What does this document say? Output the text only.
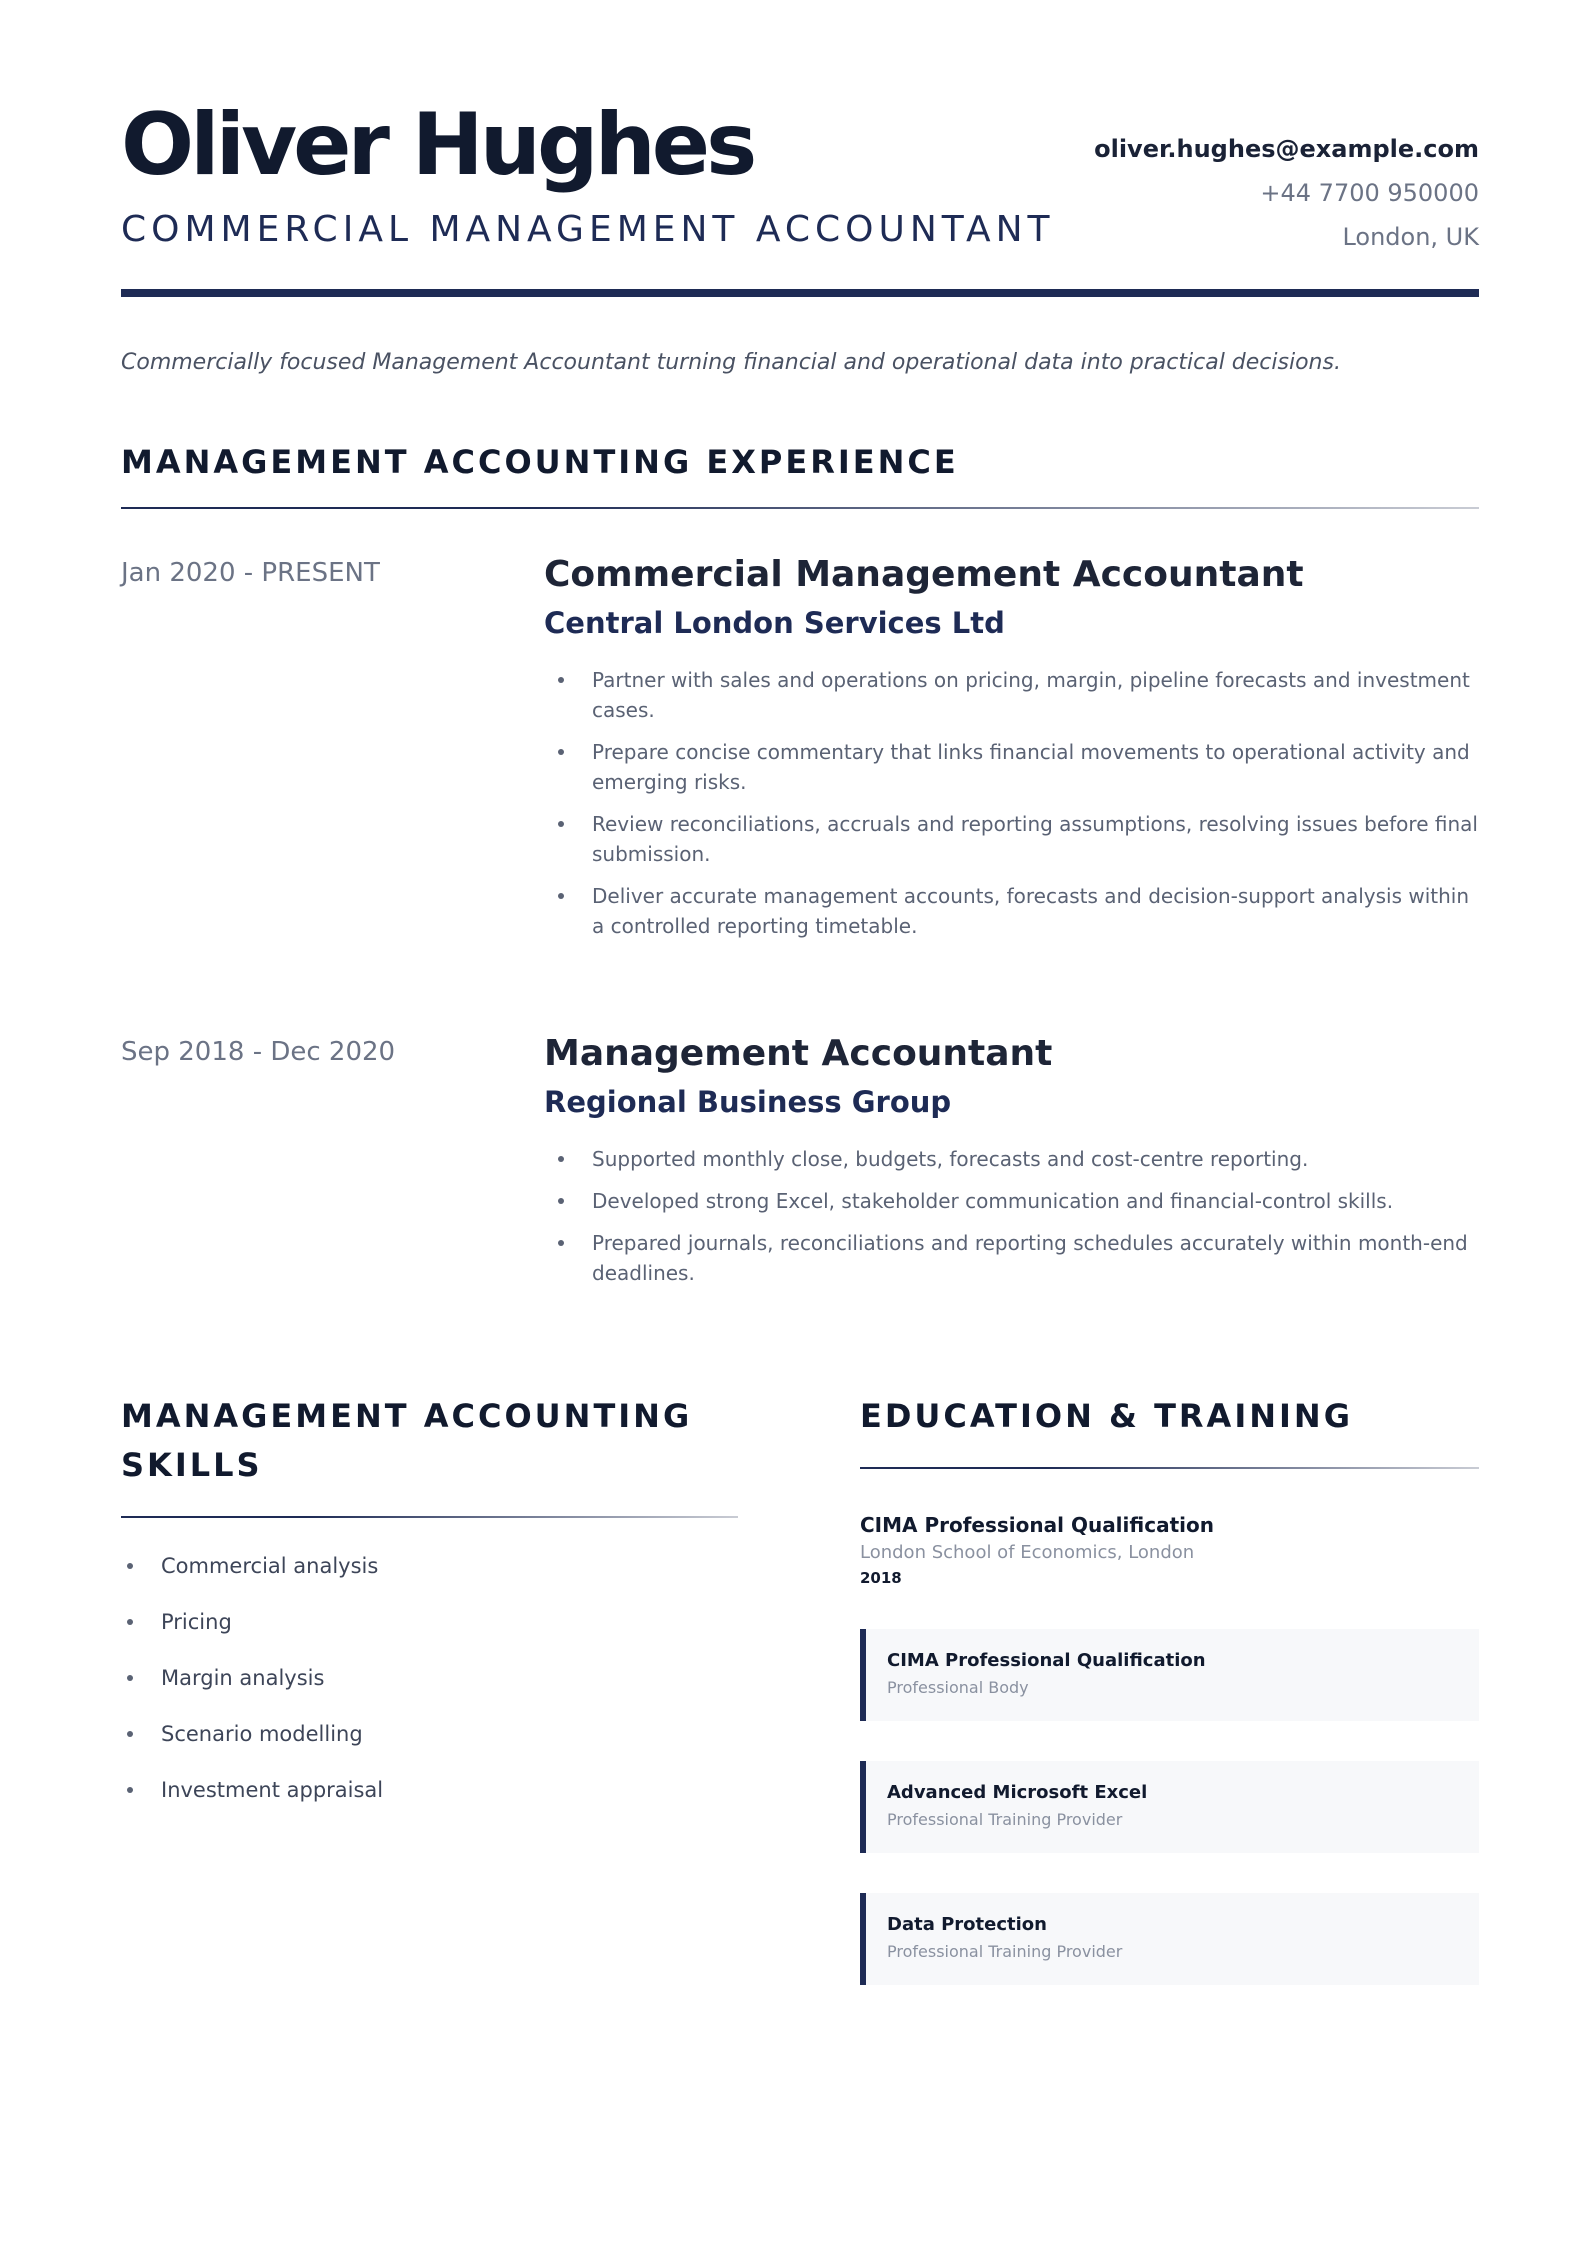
Oliver Hughes
COMMERCIAL MANAGEMENT ACCOUNTANT
oliver.hughes@example.com
+44 7700 950000
London, UK
Commercially focused Management Accountant turning financial and operational data into practical decisions.
MANAGEMENT ACCOUNTING EXPERIENCE
Jan 2020 - PRESENT	Commercial Management Accountant
Central London Services Ltd
Partner with sales and operations on pricing, margin, pipeline forecasts and investment cases.
Prepare concise commentary that links financial movements to operational activity and emerging risks.
Review reconciliations, accruals and reporting assumptions, resolving issues before final submission.
Deliver accurate management accounts, forecasts and decision-support analysis within a controlled reporting timetable.
Sep 2018 - Dec 2020	Management Accountant
Regional Business Group
Supported monthly close, budgets, forecasts and cost-centre reporting.
Developed strong Excel, stakeholder communication and financial-control skills.
Prepared journals, reconciliations and reporting schedules accurately within month-end deadlines.
MANAGEMENT ACCOUNTING SKILLS
Commercial analysis
Pricing
Margin analysis
Scenario modelling
Investment appraisal
EDUCATION & TRAINING
CIMA Professional Qualification
London School of Economics, London
2018
CIMA Professional Qualification
Professional Body
Advanced Microsoft Excel
Professional Training Provider
Data Protection
Professional Training Provider
